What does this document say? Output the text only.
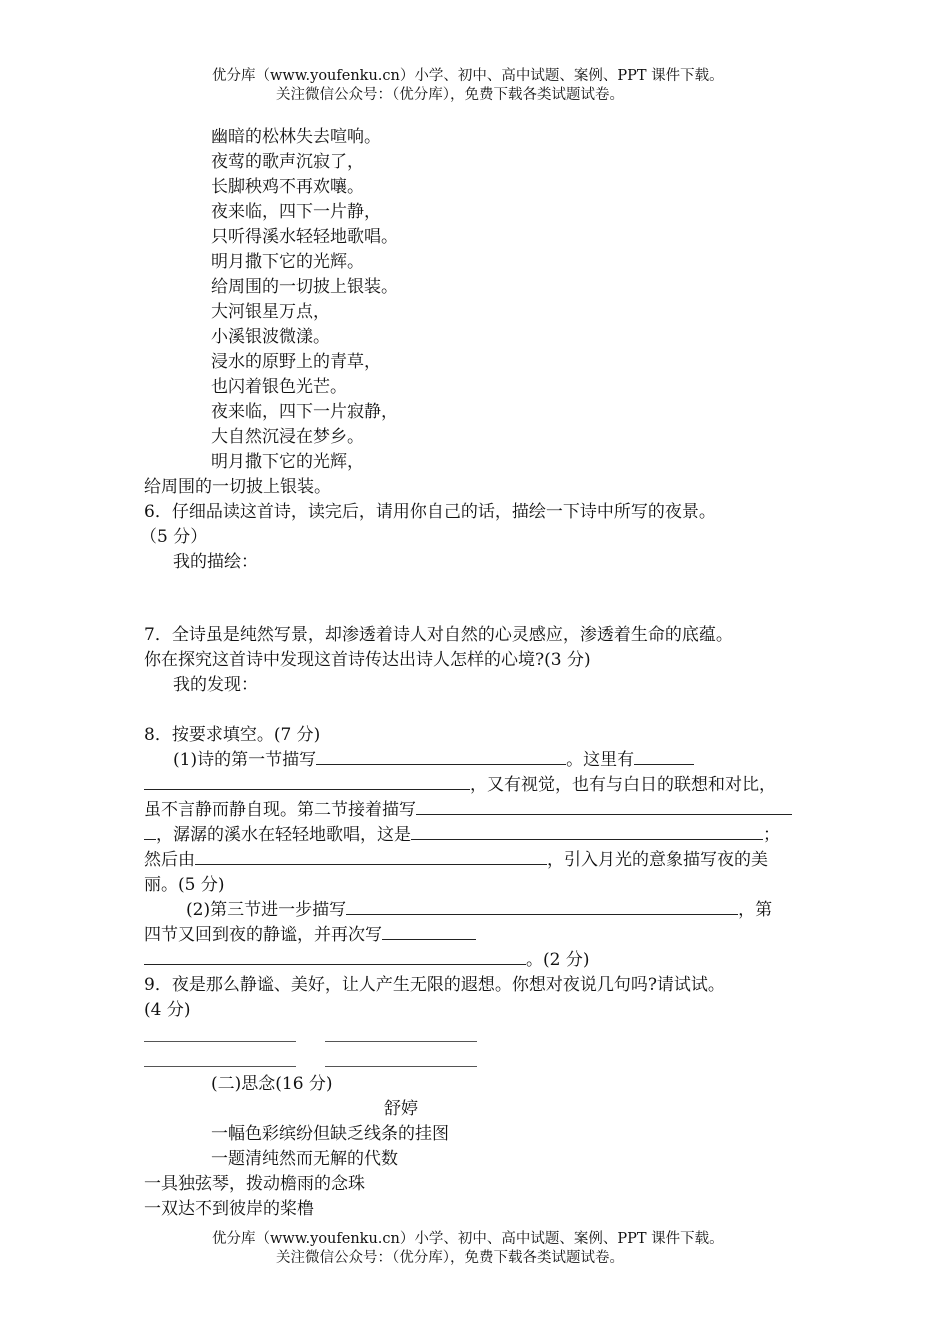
优分库（www.youfenku.cn）小学、初中、高中试题、案例、PPT 课件下载。
关注微信公众号：（优分库），免费下载各类试题试卷。
幽暗的松林失去喧响。
夜莺的歌声沉寂了，
长脚秧鸡不再欢嚷。
夜来临，四下一片静，
只听得溪水轻轻地歌唱。
明月撒下它的光辉。
给周围的一切披上银装。
大河银星万点，
小溪银波微漾。
浸水的原野上的青草，
也闪着银色光芒。
夜来临，四下一片寂静，
大自然沉浸在梦乡。
明月撒下它的光辉，
给周围的一切披上银装。
6．仔细品读这首诗，读完后，请用你自己的话，描绘一下诗中所写的夜景。
（5 分）
我的描绘：
7．全诗虽是纯然写景，却渗透着诗人对自然的心灵感应，渗透着生命的底蕴。
你在探究这首诗中发现这首诗传达出诗人怎样的心境?(3 分)
我的发现：
8．按要求填空。(7 分)
(1)诗的第一节描写	。这里有
，又有视觉，也有与白日的联想和对比，
虽不言静而静自现。第二节接着描写
，潺潺的溪水在轻轻地歌唱，这是	；
然后由	，引入月光的意象描写夜的美
丽。(5 分)
(2)第三节进一步描写	，第
四节又回到夜的静谧，并再次写
。(2 分)
9．夜是那么静谧、美好，让人产生无限的遐想。你想对夜说几句吗?请试试。
(4 分)
(二)思念(16 分)
舒婷
一幅色彩缤纷但缺乏线条的挂图
一题清纯然而无解的代数
一具独弦琴，拨动檐雨的念珠
一双达不到彼岸的桨橹
优分库（www.youfenku.cn）小学、初中、高中试题、案例、PPT 课件下载。
关注微信公众号：（优分库），免费下载各类试题试卷。
